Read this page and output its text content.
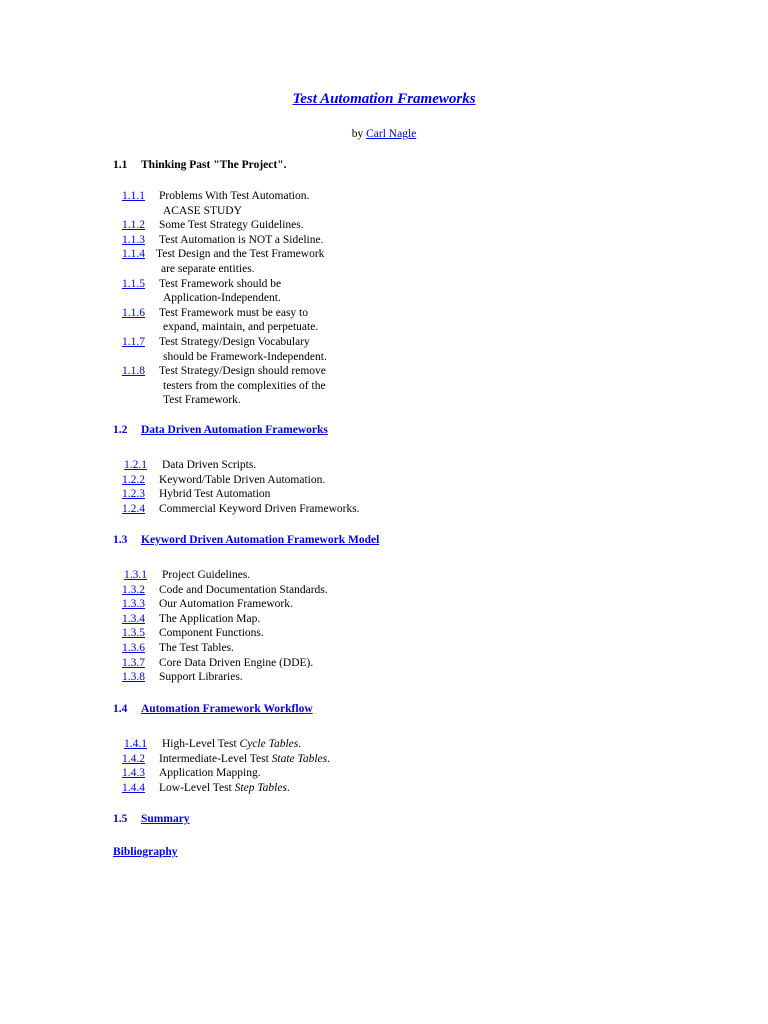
Test Automation Frameworks
by Carl Nagle
1.1 Thinking Past "The Project".
1.1.1 Problems With Test Automation.
ACASE STUDY
1.1.2 Some Test Strategy Guidelines.
1.1.3 Test Automation is NOT a Sideline.
1.1.4 Test Design and the Test Framework
are separate entities.
1.1.5 Test Framework should be
Application-Independent.
1.1.6 Test Framework must be easy to
expand, maintain, and perpetuate.
1.1.7 Test Strategy/Design Vocabulary
should be Framework-Independent.
1.1.8 Test Strategy/Design should remove
testers from the complexities of the
Test Framework.
1.2 Data Driven Automation Frameworks
1.2.1 Data Driven Scripts.
1.2.2 Keyword/Table Driven Automation.
1.2.3 Hybrid Test Automation
1.2.4 Commercial Keyword Driven Frameworks.
1.3 Keyword Driven Automation Framework Model
1.3.1 Project Guidelines.
1.3.2 Code and Documentation Standards.
1.3.3 Our Automation Framework.
1.3.4 The Application Map.
1.3.5 Component Functions.
1.3.6 The Test Tables.
1.3.7 Core Data Driven Engine (DDE).
1.3.8 Support Libraries.
1.4 Automation Framework Workflow
1.4.1 High-Level Test Cycle Tables.
1.4.2 Intermediate-Level Test State Tables.
1.4.3 Application Mapping.
1.4.4 Low-Level Test Step Tables.
1.5 Summary
Bibliography
